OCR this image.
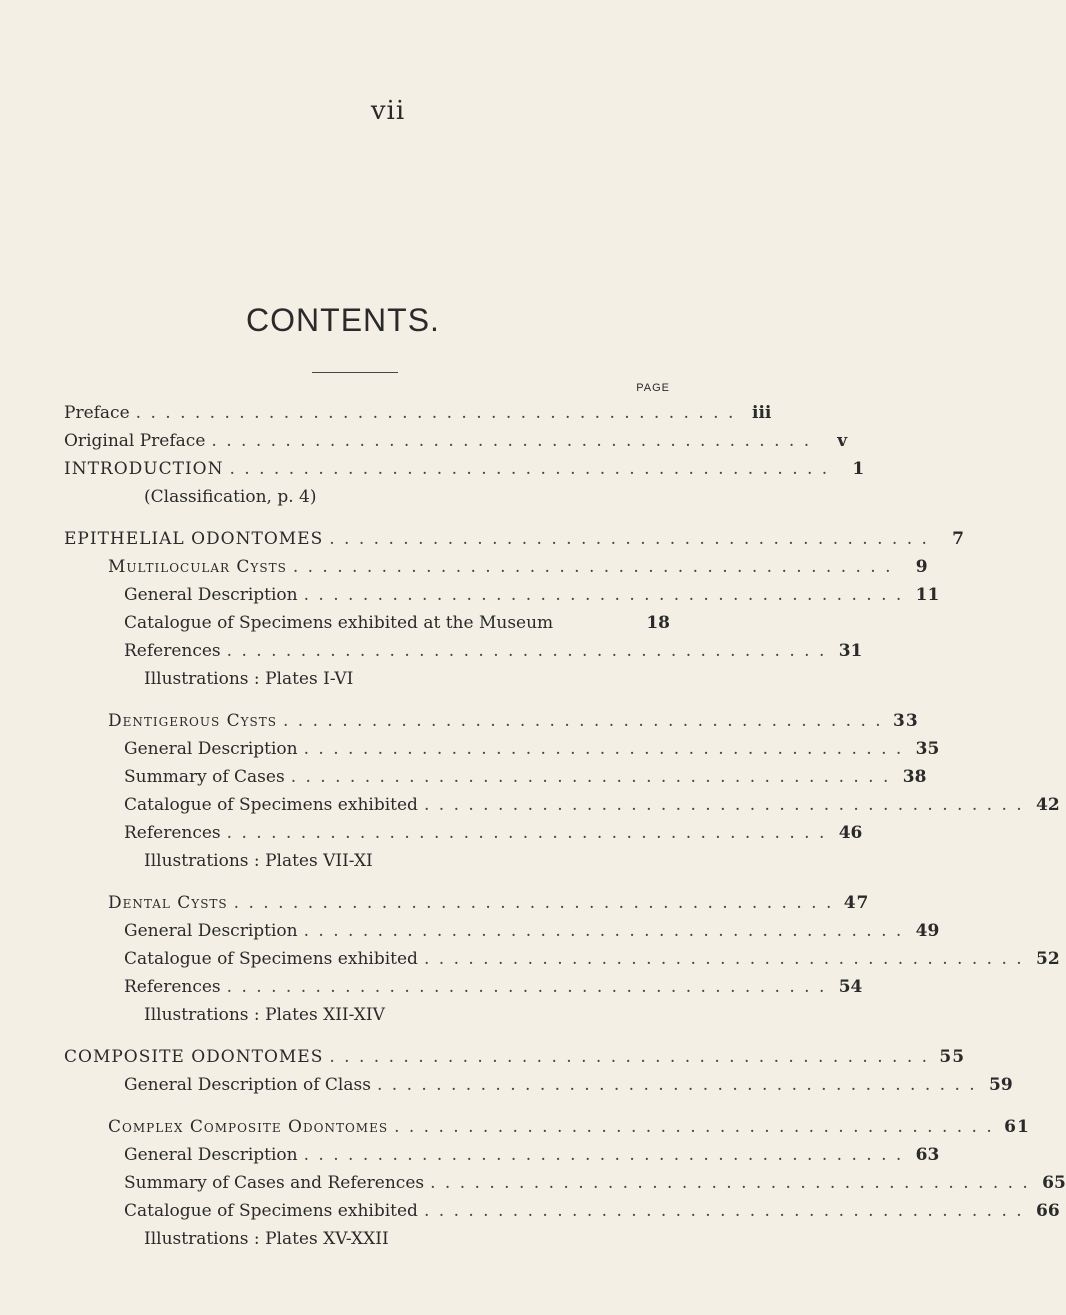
vii
CONTENTS.
PAGE
Preface . . . . . . . . . . . . . . . . . . . . . . . . . . . . . . . . . . . . . . . . . iii
Original Preface . . . . . . . . . . . . . . . . . . . . . . . . . . . . . . . . . . . . . . . . .	v
INTRODUCTION . . . . . . . . . . . . . . . . . . . . . . . . . . . . . . . . . . . . . . . . .	1
(Classification, p. 4)
EPITHELIAL ODONTOMES . . . . . . . . . . . . . . . . . . . . . . . . . . . . . . . . . . . . . . . . .	7
Multilocular Cysts . . . . . . . . . . . . . . . . . . . . . . . . . . . . . . . . . . . . . . . . .	9
General Description . . . . . . . . . . . . . . . . . . . . . . . . . . . . . . . . . . . . . . . . . 11
Catalogue of Specimens exhibited at the Museum	18
References . . . . . . . . . . . . . . . . . . . . . . . . . . . . . . . . . . . . . . . . . 31
Illustrations : Plates I-VI
Dentigerous Cysts . . . . . . . . . . . . . . . . . . . . . . . . . . . . . . . . . . . . . . . . . 33
General Description . . . . . . . . . . . . . . . . . . . . . . . . . . . . . . . . . . . . . . . . . 35
Summary of Cases . . . . . . . . . . . . . . . . . . . . . . . . . . . . . . . . . . . . . . . . . 38
Catalogue of Specimens exhibited . . . . . . . . . . . . . . . . . . . . . . . . . . . . . . . . . . . . . . . . . 42
References . . . . . . . . . . . . . . . . . . . . . . . . . . . . . . . . . . . . . . . . . 46
Illustrations : Plates VII-XI
Dental Cysts . . . . . . . . . . . . . . . . . . . . . . . . . . . . . . . . . . . . . . . . . 47
General Description . . . . . . . . . . . . . . . . . . . . . . . . . . . . . . . . . . . . . . . . . 49
Catalogue of Specimens exhibited . . . . . . . . . . . . . . . . . . . . . . . . . . . . . . . . . . . . . . . . . 52
References . . . . . . . . . . . . . . . . . . . . . . . . . . . . . . . . . . . . . . . . . 54
Illustrations : Plates XII-XIV
COMPOSITE ODONTOMES . . . . . . . . . . . . . . . . . . . . . . . . . . . . . . . . . . . . . . . . . 55
General Description of Class . . . . . . . . . . . . . . . . . . . . . . . . . . . . . . . . . . . . . . . . . 59
Complex Composite Odontomes . . . . . . . . . . . . . . . . . . . . . . . . . . . . . . . . . . . . . . . . . 61
General Description . . . . . . . . . . . . . . . . . . . . . . . . . . . . . . . . . . . . . . . . . 63
Summary of Cases and References . . . . . . . . . . . . . . . . . . . . . . . . . . . . . . . . . . . . . . . . . 65
Catalogue of Specimens exhibited . . . . . . . . . . . . . . . . . . . . . . . . . . . . . . . . . . . . . . . . . 66
Illustrations : Plates XV-XXII
